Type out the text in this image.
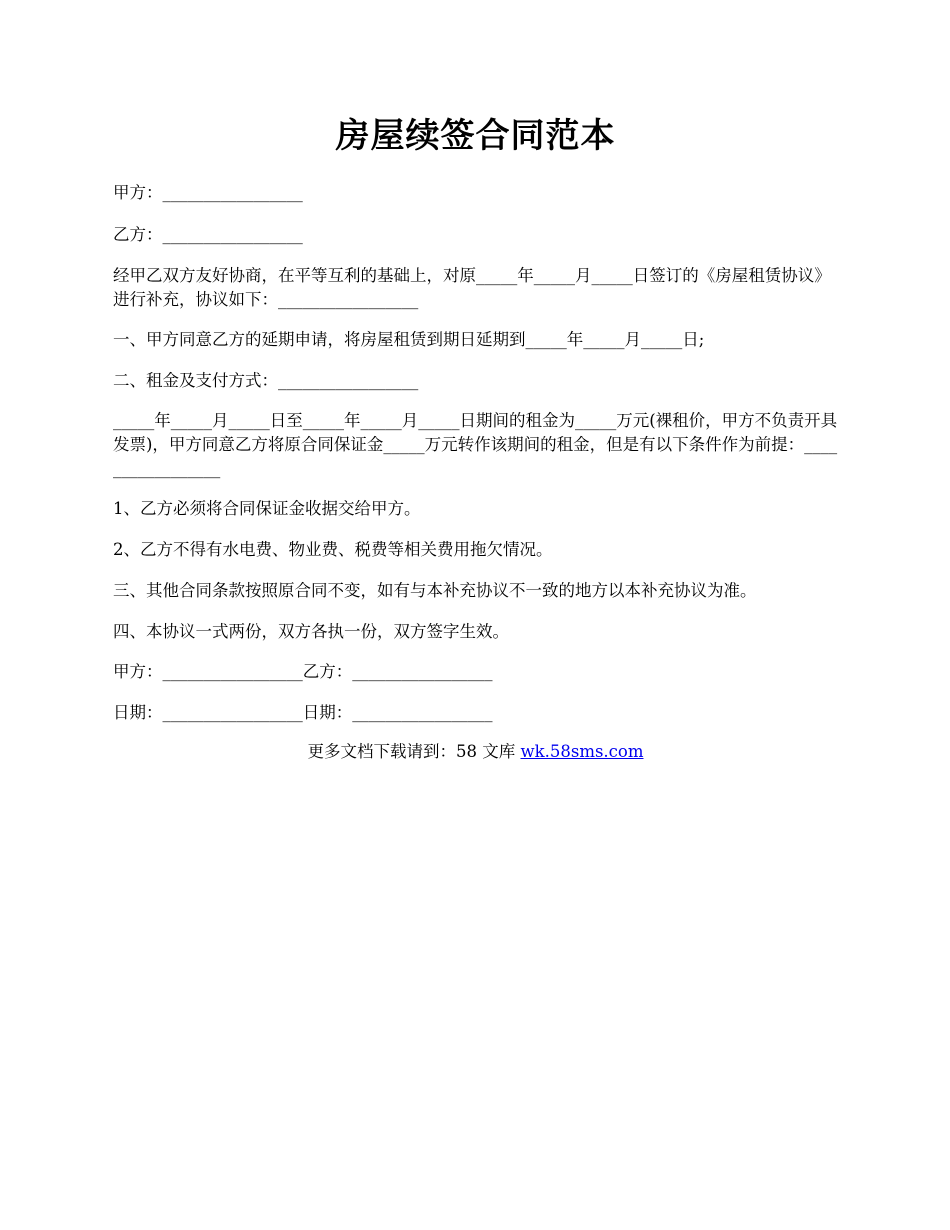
房屋续签合同范本
甲方：_________________
乙方：_________________
经甲乙双方友好协商，在平等互利的基础上，对原_____年_____月_____日签订的《房屋租赁协议》进行补充，协议如下：_________________
一、甲方同意乙方的延期申请，将房屋租赁到期日延期到_____年_____月_____日;
二、租金及支付方式：_________________
_____年_____月_____日至_____年_____月_____日期间的租金为_____万元(裸租价，甲方不负责开具发票)，甲方同意乙方将原合同保证金_____万元转作该期间的租金，但是有以下条件作为前提：_________________
1、乙方必须将合同保证金收据交给甲方。
2、乙方不得有水电费、物业费、税费等相关费用拖欠情况。
三、其他合同条款按照原合同不变，如有与本补充协议不一致的地方以本补充协议为准。
四、本协议一式两份，双方各执一份，双方签字生效。
甲方：_________________乙方：_________________
日期：_________________日期：_________________
更多文档下载请到：58 文库 wk.58sms.com
